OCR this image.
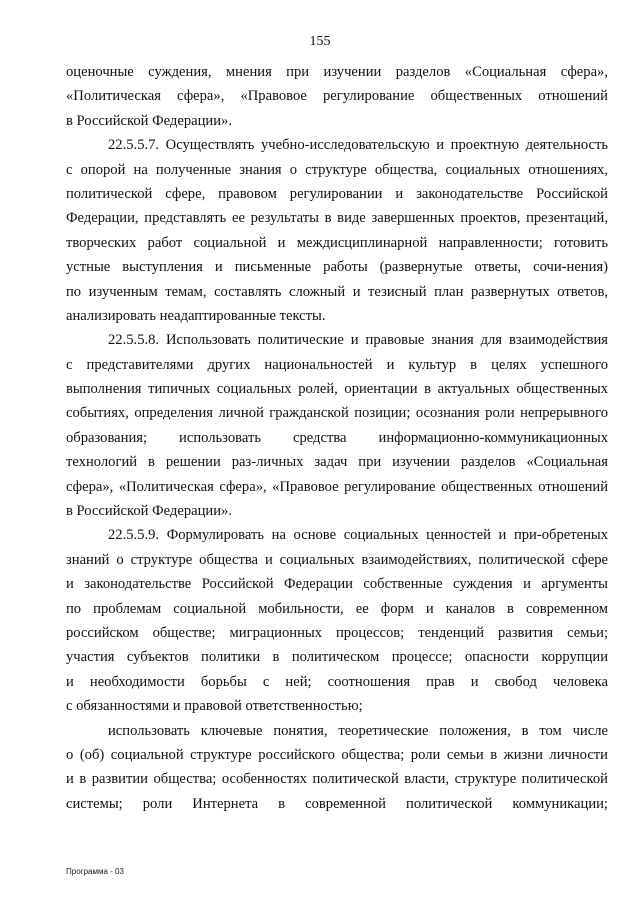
155
оценочные суждения, мнения при изучении разделов «Социальная сфера»,
«Политическая сфера», «Правовое регулирование общественных отношений
в Российской Федерации».
22.5.5.7. Осуществлять учебно-исследовательскую и проектную деятельность
с опорой на полученные знания о структуре общества, социальных отношениях,
политической сфере, правовом регулировании и законодательстве Российской
Федерации, представлять ее результаты в виде завершенных проектов, презентаций,
творческих работ социальной и междисциплинарной направленности; готовить
устные выступления и письменные работы (развернутые ответы, сочи-нения)
по изученным темам, составлять сложный и тезисный план развернутых ответов,
анализировать неадаптированные тексты.
22.5.5.8. Использовать политические и правовые знания для взаимодействия
с представителями других национальностей и культур в целях успешного
выполнения типичных социальных ролей, ориентации в актуальных общественных
событиях, определения личной гражданской позиции; осознания роли непрерывного
образования; использовать средства информационно-коммуникационных
технологий в решении раз-личных задач при изучении разделов «Социальная
сфера», «Политическая сфера», «Правовое регулирование общественных отношений
в Российской Федерации».
22.5.5.9. Формулировать на основе социальных ценностей и при-обретеных
знаний о структуре общества и социальных взаимодействиях, политической сфере
и законодательстве Российской Федерации собственные суждения и аргументы
по проблемам социальной мобильности, ее форм и каналов в современном
российском обществе; миграционных процессов; тенденций развития семьи;
участия субъектов политики в политическом процессе; опасности коррупции
и необходимости борьбы с ней; соотношения прав и свобод человека
с обязанностями и правовой ответственностью;
использовать ключевые понятия, теоретические положения, в том числе
о (об) социальной структуре российского общества; роли семьи в жизни личности
и в развитии общества; особенностях политической власти, структуре политической
системы; роли Интернета в современной политической коммуникации;
Программа - 03
